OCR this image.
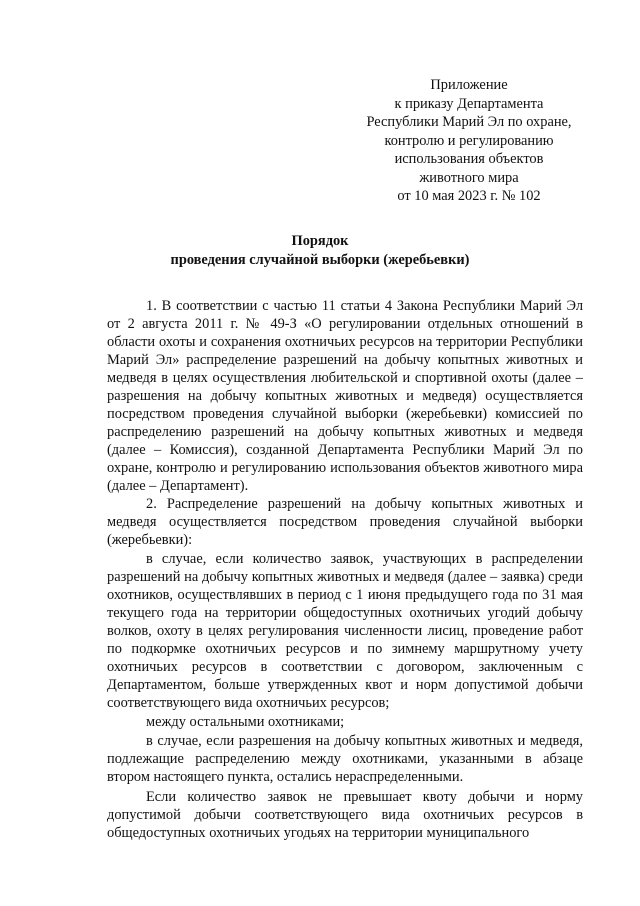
Приложение
к приказу Департамента
Республики Марий Эл по охране,
контролю и регулированию
использования объектов
животного мира
от 10 мая 2023 г. № 102
Порядок
проведения случайной выборки (жеребьевки)

1. В соответствии с частью 11 статьи 4 Закона Республики Марий Эл от 2 августа 2011 г. № 49-З «О регулировании отдельных отношений в области охоты и сохранения охотничьих ресурсов на территории Республики Марий Эл» распределение разрешений на добычу копытных животных и медведя в целях осуществления любительской и спортивной охоты (далее – разрешения на добычу копытных животных и медведя) осуществляется посредством проведения случайной выборки (жеребьевки) комиссией по распределению разрешений на добычу копытных животных и медведя (далее – Комиссия), созданной Департамента Республики Марий Эл по охране, контролю и регулированию использования объектов животного мира (далее – Департамент).

2. Распределение разрешений на добычу копытных животных и медведя осуществляется посредством проведения случайной выборки (жеребьевки):

в случае, если количество заявок, участвующих в распределении разрешений на добычу копытных животных и медведя (далее – заявка) среди охотников, осуществлявших в период с 1 июня предыдущего года по 31 мая текущего года на территории общедоступных охотничьих угодий добычу волков, охоту в целях регулирования численности лисиц, проведение работ по подкормке охотничьих ресурсов и по зимнему маршрутному учету охотничьих ресурсов в соответствии с договором, заключенным с Департаментом, больше утвержденных квот и норм допустимой добычи соответствующего вида охотничьих ресурсов;

между остальными охотниками;

в случае, если разрешения на добычу копытных животных и медведя, подлежащие распределению между охотниками, указанными в абзаце втором настоящего пункта, остались нераспределенными.

Если количество заявок не превышает квоту добычи и норму допустимой добычи соответствующего вида охотничьих ресурсов в общедоступных охотничьих угодьях на территории муниципального
